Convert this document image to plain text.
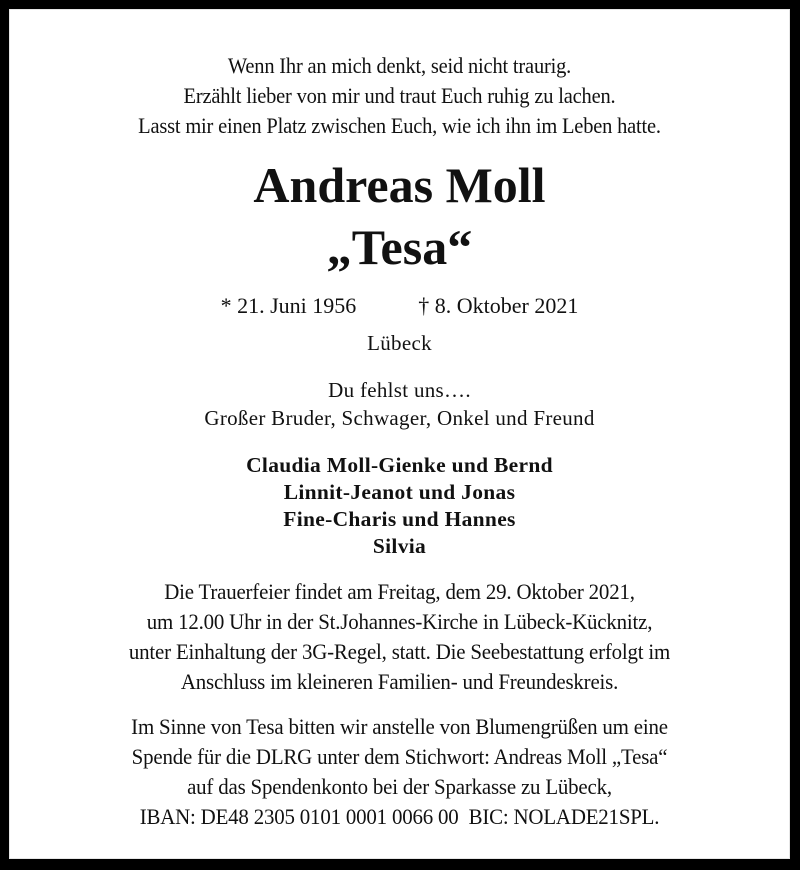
Wenn Ihr an mich denkt, seid nicht traurig.
Erzählt lieber von mir und traut Euch ruhig zu lachen.
Lasst mir einen Platz zwischen Euch, wie ich ihn im Leben hatte.
Andreas Moll
„Tesa“
* 21. Juni 1956	† 8. Oktober 2021
Lübeck
Du fehlst uns….
Großer Bruder, Schwager, Onkel und Freund
Claudia Moll-Gienke und Bernd
Linnit-Jeanot und Jonas
Fine-Charis und Hannes
Silvia
Die Trauerfeier findet am Freitag, dem 29. Oktober 2021,
um 12.00 Uhr in der St.Johannes-Kirche in Lübeck-Kücknitz,
unter Einhaltung der 3G-Regel, statt. Die Seebestattung erfolgt im
Anschluss im kleineren Familien- und Freundeskreis.
Im Sinne von Tesa bitten wir anstelle von Blumengrüßen um eine
Spende für die DLRG unter dem Stichwort: Andreas Moll „Tesa“
auf das Spendenkonto bei der Sparkasse zu Lübeck,
IBAN: DE48 2305 0101 0001 0066 00  BIC: NOLADE21SPL.
